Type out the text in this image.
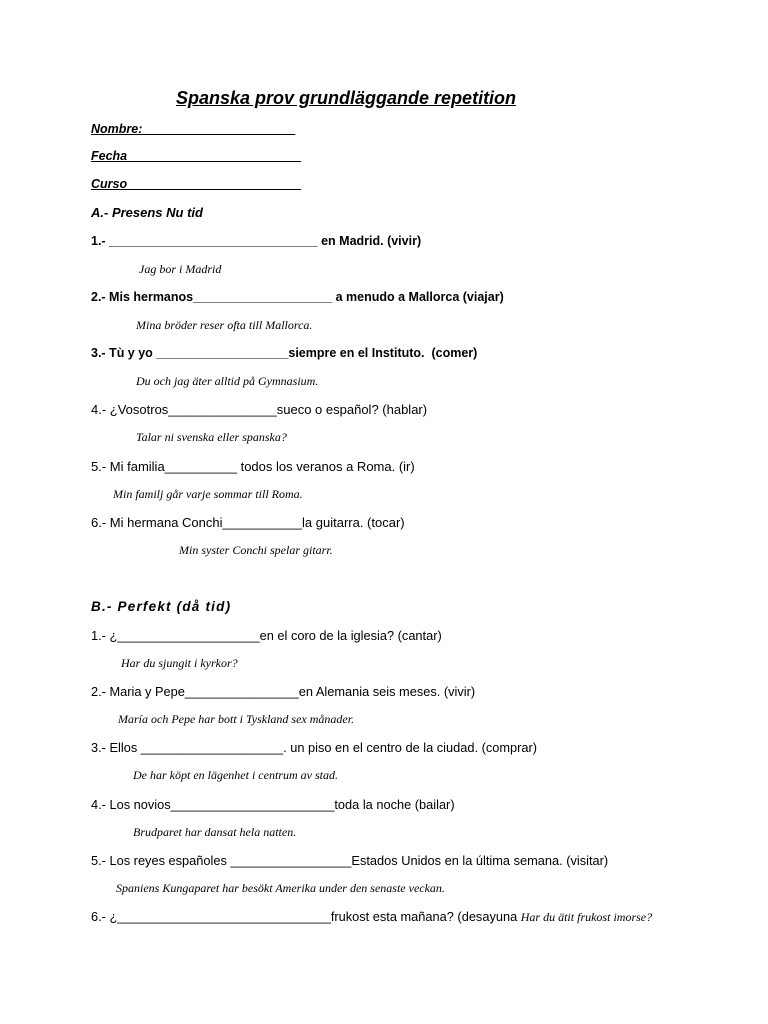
Spanska prov grundläggande repetition
Nombre:______________________
Fecha_________________________
Curso_________________________
A.- Presens Nu tid
1.- ______________________________ en Madrid. (vivir)
Jag bor i Madrid
2.- Mis hermanos____________________ a menudo a Mallorca (viajar)
Mina bröder reser ofta till Mallorca.
3.- Tù y yo ___________________siempre en el Instituto.  (comer)
Du och jag äter alltid på Gymnasium.
4.- ¿Vosotros_______________sueco o español? (hablar)
Talar ni svenska eller spanska?
5.- Mi familia__________ todos los veranos a Roma. (ir)
Min familj går varje sommar till Roma.
6.- Mi hermana Conchi___________la guitarra. (tocar)
Min syster Conchi spelar gitarr.
B.- Perfekt (då tid)
1.- ¿____________________en el coro de la iglesia? (cantar)
Har du sjungit i kyrkor?
2.- Maria y Pepe________________en Alemania seis meses. (vivir)
María och Pepe har bott i Tyskland sex månader.
3.- Ellos ____________________. un piso en el centro de la ciudad. (comprar)
De har köpt en lägenhet i centrum av stad.
4.- Los novios_______________________toda la noche (bailar)
Brudparet har dansat hela natten.
5.- Los reyes españoles _________________Estados Unidos en la última semana. (visitar)
Spaniens Kungaparet har besökt Amerika under den senaste veckan.
6.- ¿______________________________frukost esta mañana? (desayuna Har du ätit frukost imorse?
